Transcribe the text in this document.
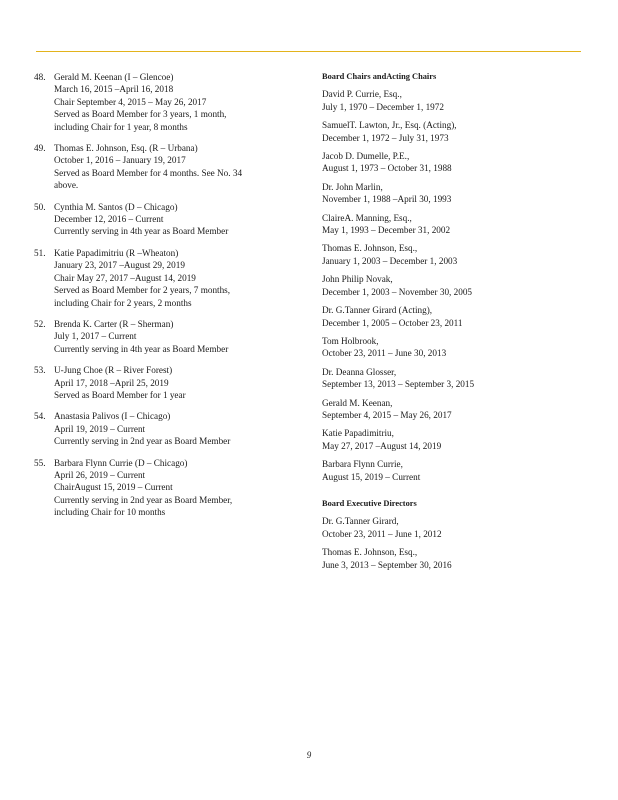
48. Gerald M. Keenan (I – Glencoe)
March 16, 2015 –April 16, 2018
Chair September 4, 2015 – May 26, 2017
Served as Board Member for 3 years, 1 month,
including Chair for 1 year, 8 months
49. Thomas E. Johnson, Esq. (R – Urbana)
October 1, 2016 – January 19, 2017
Served as Board Member for 4 months. See No. 34
above.
50. Cynthia M. Santos (D – Chicago)
December 12, 2016 – Current
Currently serving in 4th year as Board Member
51. Katie Papadimitriu (R –Wheaton)
January 23, 2017 –August 29, 2019
Chair May 27, 2017 –August 14, 2019
Served as Board Member for 2 years, 7 months,
including Chair for 2 years, 2 months
52. Brenda K. Carter (R – Sherman)
July 1, 2017 – Current
Currently serving in 4th year as Board Member
53. U-Jung Choe (R – River Forest)
April 17, 2018 –April 25, 2019
Served as Board Member for 1 year
54. Anastasia Palivos (I – Chicago)
April 19, 2019 – Current
Currently serving in 2nd year as Board Member
55. Barbara Flynn Currie (D – Chicago)
April 26, 2019 – Current
ChairAugust 15, 2019 – Current
Currently serving in 2nd year as Board Member,
including Chair for 10 months
Board Chairs andActing Chairs
David P. Currie, Esq.,
July 1, 1970 – December 1, 1972
SamuelT. Lawton, Jr., Esq. (Acting),
December 1, 1972 – July 31, 1973
Jacob D. Dumelle, P.E.,
August 1, 1973 – October 31, 1988
Dr. John Marlin,
November 1, 1988 –April 30, 1993
ClaireA. Manning, Esq.,
May 1, 1993 – December 31, 2002
Thomas E. Johnson, Esq.,
January 1, 2003 – December 1, 2003
John Philip Novak,
December 1, 2003 – November 30, 2005
Dr. G.Tanner Girard (Acting),
December 1, 2005 – October 23, 2011
Tom Holbrook,
October 23, 2011 – June 30, 2013
Dr. Deanna Glosser,
September 13, 2013 – September 3, 2015
Gerald M. Keenan,
September 4, 2015 – May 26, 2017
Katie Papadimitriu,
May 27, 2017 –August 14, 2019
Barbara Flynn Currie,
August 15, 2019 – Current
Board Executive Directors
Dr. G.Tanner Girard,
October 23, 2011 – June 1, 2012
Thomas E. Johnson, Esq.,
June 3, 2013 – September 30, 2016
9
